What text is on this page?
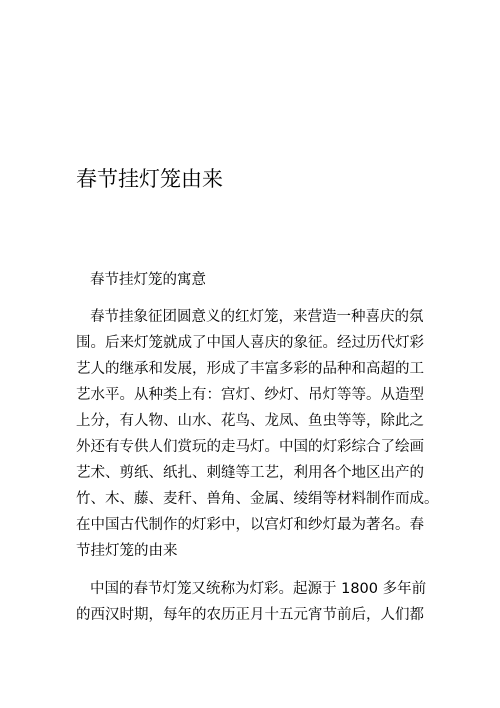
春节挂灯笼由来
春节挂灯笼的寓意
春节挂象征团圆意义的红灯笼，来营造一种喜庆的氛
围。后来灯笼就成了中国人喜庆的象征。经过历代灯彩
艺人的继承和发展，形成了丰富多彩的品种和高超的工
艺水平。从种类上有：宫灯、纱灯、吊灯等等。从造型
上分，有人物、山水、花鸟、龙凤、鱼虫等等，除此之
外还有专供人们赏玩的走马灯。中国的灯彩综合了绘画
艺术、剪纸、纸扎、刺缝等工艺，利用各个地区出产的
竹、木、藤、麦秆、兽角、金属、绫绢等材料制作而成。
在中国古代制作的灯彩中，以宫灯和纱灯最为著名。春
节挂灯笼的由来
中国的春节灯笼又统称为灯彩。起源于 1800 多年前
的西汉时期，每年的农历正月十五元宵节前后，人们都
